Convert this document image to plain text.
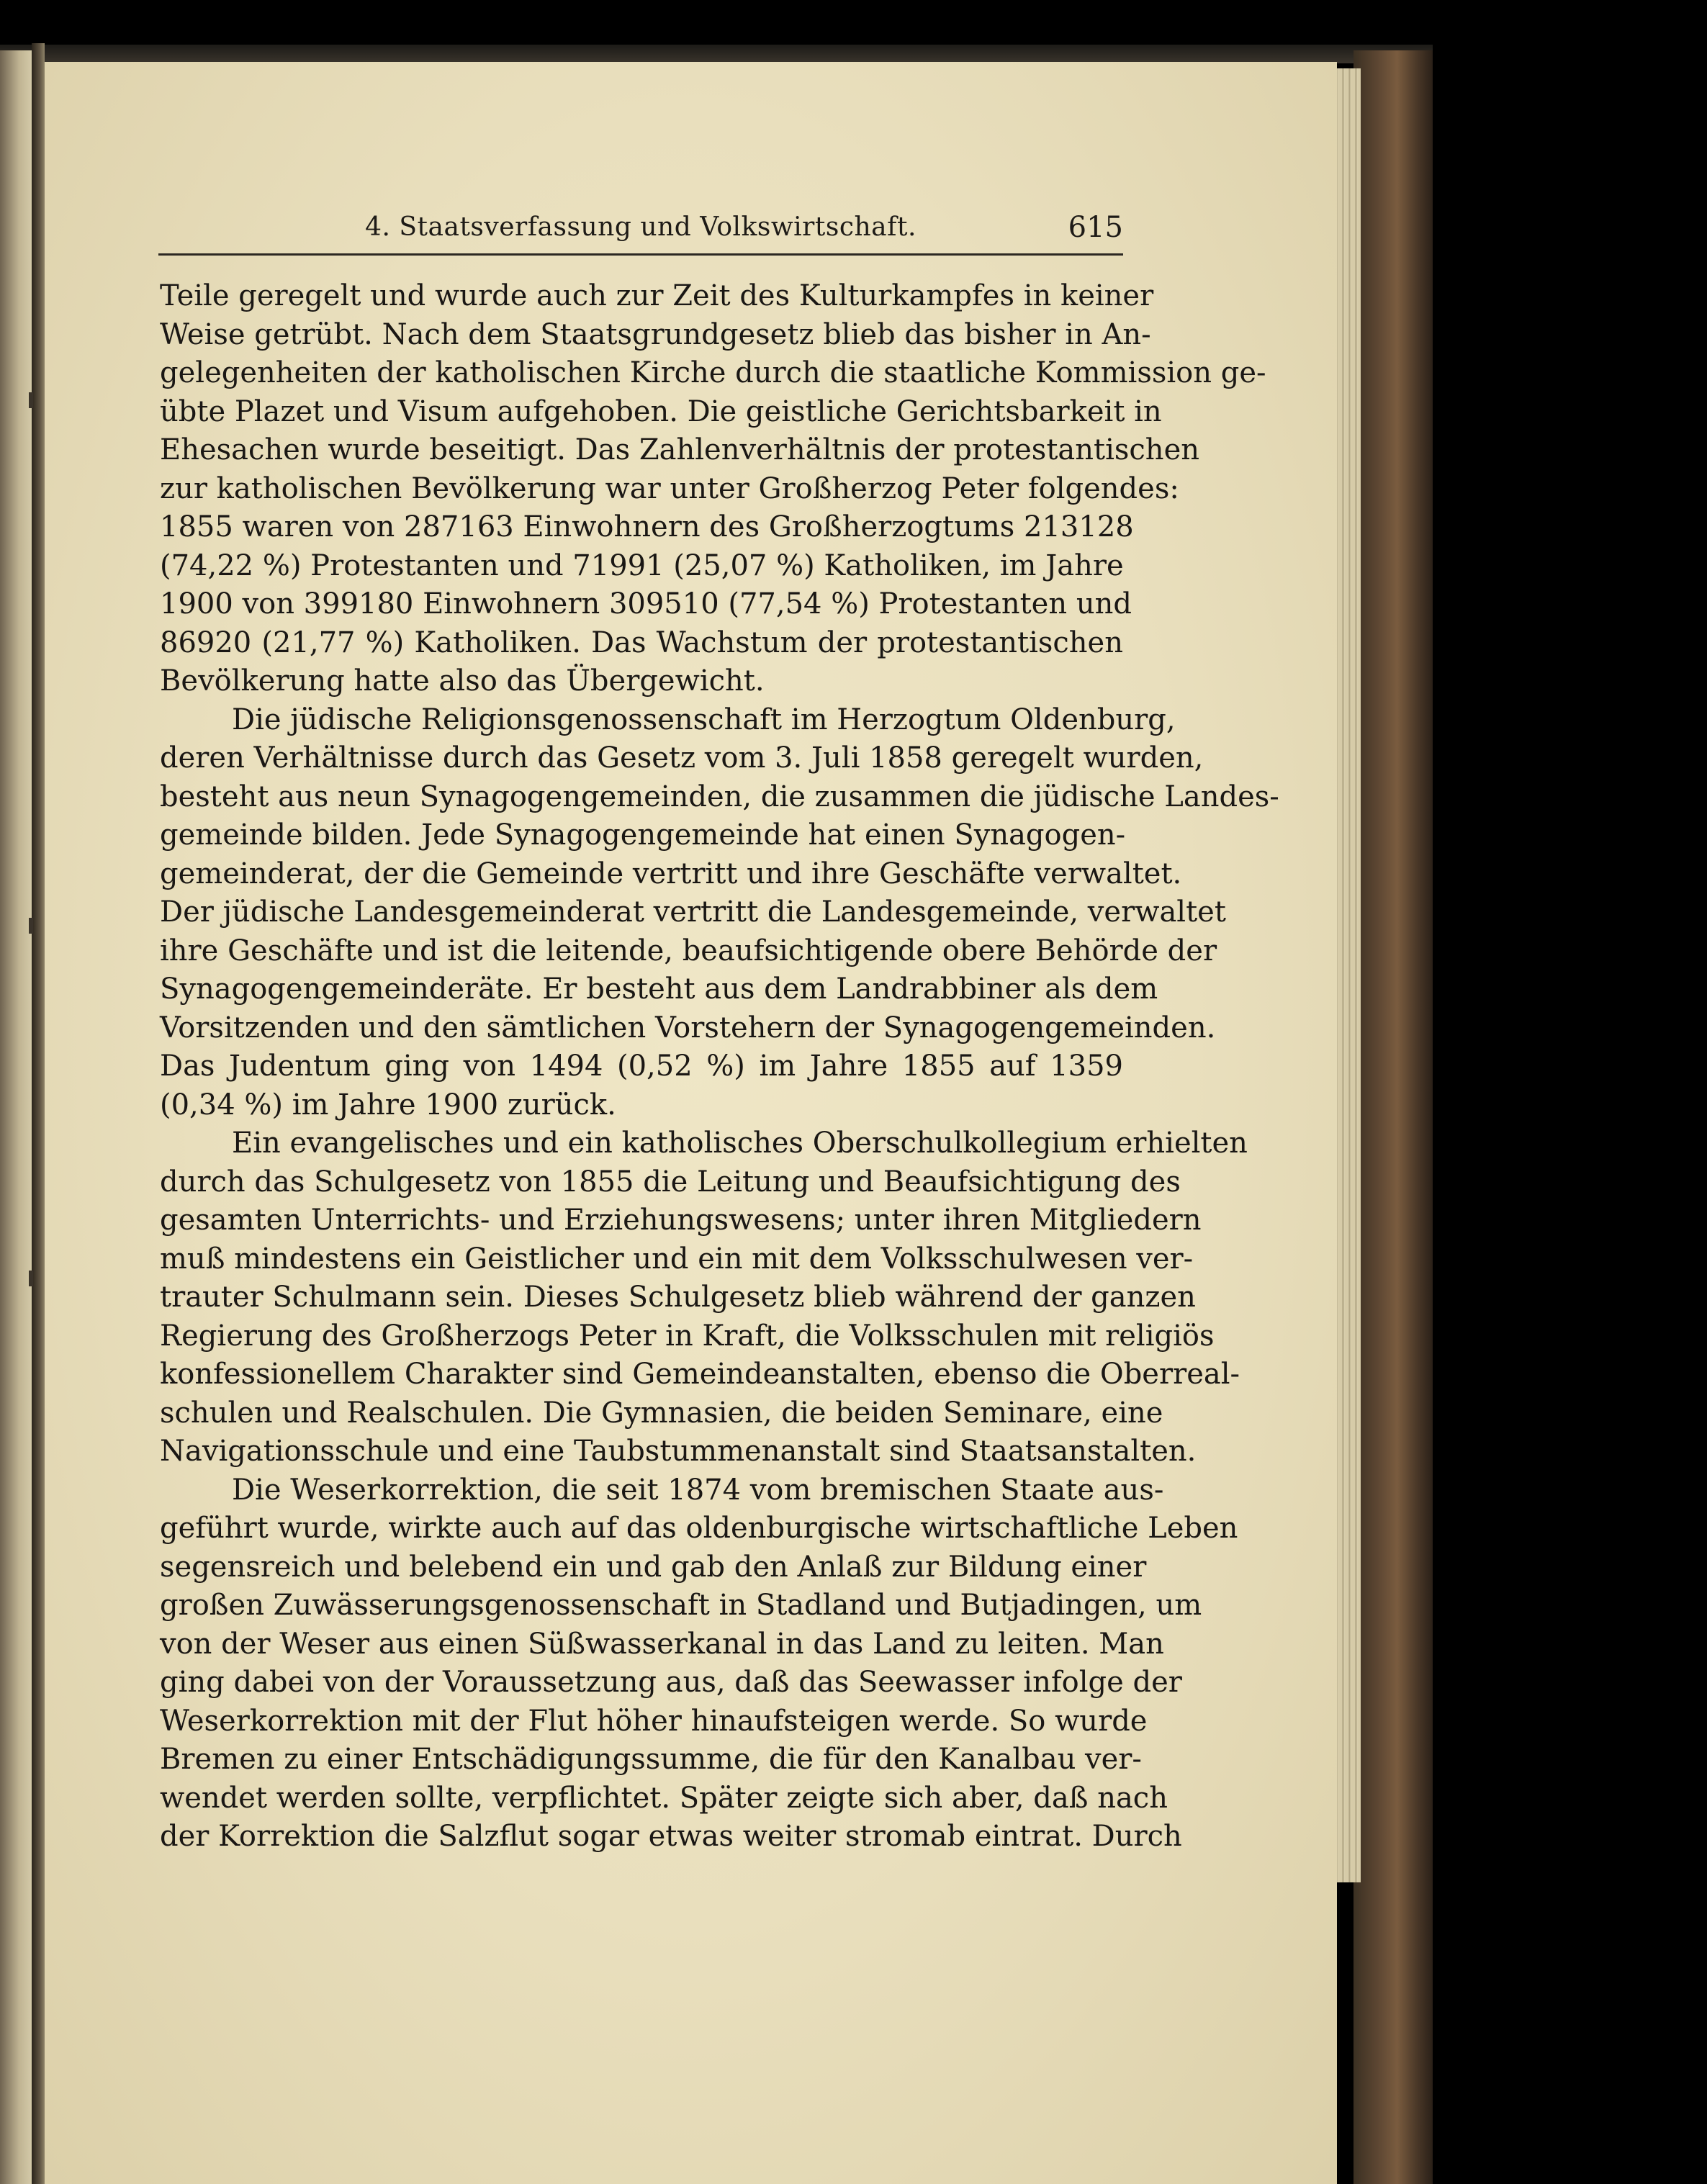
4. Staatsverfassung und Volkswirtschaft.	615
Teile geregelt und wurde auch zur Zeit des Kulturkampfes in keiner
Weise getrübt. Nach dem Staatsgrundgesetz blieb das bisher in An-
gelegenheiten der katholischen Kirche durch die staatliche Kommission ge-
übte Plazet und Visum aufgehoben. Die geistliche Gerichtsbarkeit in
Ehesachen wurde beseitigt. Das Zahlenverhältnis der protestantischen
zur katholischen Bevölkerung war unter Großherzog Peter folgendes:
1855 waren von 287163 Einwohnern des Großherzogtums 213128
(74,22 %) Protestanten und 71991 (25,07 %) Katholiken, im Jahre
1900 von 399180 Einwohnern 309510 (77,54 %) Protestanten und
86920 (21,77 %) Katholiken. Das Wachstum der protestantischen
Bevölkerung hatte also das Übergewicht.
Die jüdische Religionsgenossenschaft im Herzogtum Oldenburg,
deren Verhältnisse durch das Gesetz vom 3. Juli 1858 geregelt wurden,
besteht aus neun Synagogengemeinden, die zusammen die jüdische Landes-
gemeinde bilden. Jede Synagogengemeinde hat einen Synagogen-
gemeinderat, der die Gemeinde vertritt und ihre Geschäfte verwaltet.
Der jüdische Landesgemeinderat vertritt die Landesgemeinde, verwaltet
ihre Geschäfte und ist die leitende, beaufsichtigende obere Behörde der
Synagogengemeinderäte. Er besteht aus dem Landrabbiner als dem
Vorsitzenden und den sämtlichen Vorstehern der Synagogengemeinden.
Das Judentum ging von 1494 (0,52 %) im Jahre 1855 auf 1359
(0,34 %) im Jahre 1900 zurück.
Ein evangelisches und ein katholisches Oberschulkollegium erhielten
durch das Schulgesetz von 1855 die Leitung und Beaufsichtigung des
gesamten Unterrichts- und Erziehungswesens; unter ihren Mitgliedern
muß mindestens ein Geistlicher und ein mit dem Volksschulwesen ver-
trauter Schulmann sein. Dieses Schulgesetz blieb während der ganzen
Regierung des Großherzogs Peter in Kraft, die Volksschulen mit religiös
konfessionellem Charakter sind Gemeindeanstalten, ebenso die Oberreal-
schulen und Realschulen. Die Gymnasien, die beiden Seminare, eine
Navigationsschule und eine Taubstummenanstalt sind Staatsanstalten.
Die Weserkorrektion, die seit 1874 vom bremischen Staate aus-
geführt wurde, wirkte auch auf das oldenburgische wirtschaftliche Leben
segensreich und belebend ein und gab den Anlaß zur Bildung einer
großen Zuwässerungsgenossenschaft in Stadland und Butjadingen, um
von der Weser aus einen Süßwasserkanal in das Land zu leiten. Man
ging dabei von der Voraussetzung aus, daß das Seewasser infolge der
Weserkorrektion mit der Flut höher hinaufsteigen werde. So wurde
Bremen zu einer Entschädigungssumme, die für den Kanalbau ver-
wendet werden sollte, verpflichtet. Später zeigte sich aber, daß nach
der Korrektion die Salzflut sogar etwas weiter stromab eintrat. Durch
